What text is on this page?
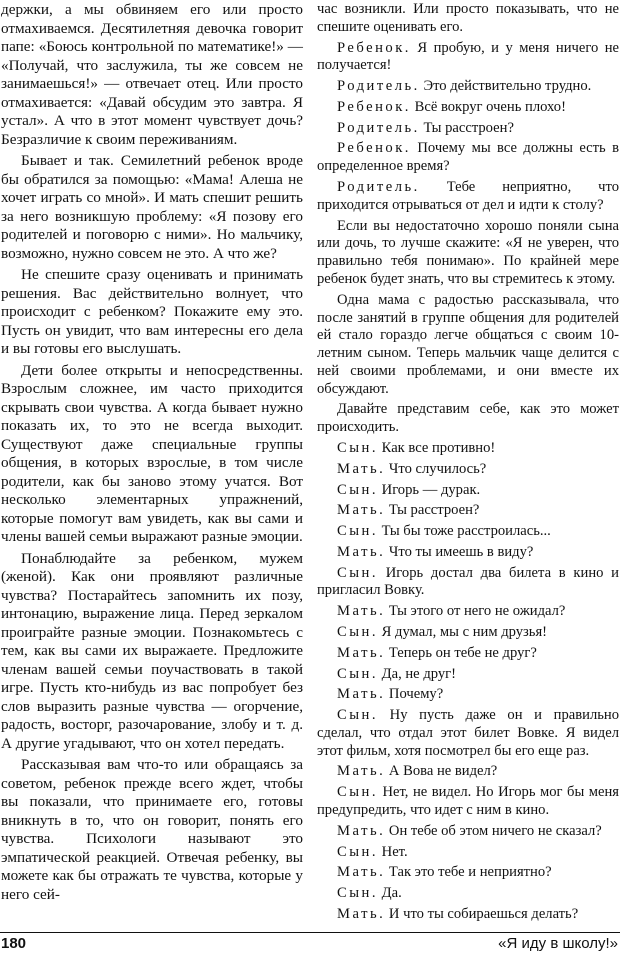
держки, а мы обвиняем его или просто отмахиваемся. Десятилетняя девочка говорит папе: «Боюсь контрольной по математике!» — «Получай, что заслужила, ты же совсем не занимаешься!» — отвечает отец. Или просто отмахивается: «Давай обсудим это завтра. Я устал». А что в этот момент чувствует дочь? Безразличие к своим переживаниям.

Бывает и так. Семилетний ребенок вроде бы обратился за помощью: «Мама! Алеша не хочет играть со мной». И мать спешит решить за него возникшую проблему: «Я позову его родителей и поговорю с ними». Но мальчику, возможно, нужно совсем не это. А что же?

Не спешите сразу оценивать и принимать решения. Вас действительно волнует, что происходит с ребенком? Покажите ему это. Пусть он увидит, что вам интересны его дела и вы готовы его выслушать.

Дети более открыты и непосредственны. Взрослым сложнее, им часто приходится скрывать свои чувства. А когда бывает нужно показать их, то это не всегда выходит. Существуют даже специальные группы общения, в которых взрослые, в том числе родители, как бы заново этому учатся. Вот несколько элементарных упражнений, которые помогут вам увидеть, как вы сами и члены вашей семьи выражают разные эмоции.

Понаблюдайте за ребенком, мужем (женой). Как они проявляют различные чувства? Постарайтесь запомнить их позу, интонацию, выражение лица. Перед зеркалом проиграйте разные эмоции. Познакомьтесь с тем, как вы сами их выражаете. Предложите членам вашей семьи поучаствовать в такой игре. Пусть кто-нибудь из вас попробует без слов выразить разные чувства — огорчение, радость, восторг, разочарование, злобу и т. д. А другие угадывают, что он хотел передать.

Рассказывая вам что-то или обращаясь за советом, ребенок прежде всего ждет, чтобы вы показали, что принимаете его, готовы вникнуть в то, что он говорит, понять его чувства. Психологи называют это эмпатической реакцией. Отвечая ребенку, вы можете как бы отражать те чувства, которые у него сей-

час возникли. Или просто показывать, что не спешите оценивать его.

Ребенок. Я пробую, и у меня ничего не получается!

Родитель. Это действительно трудно.

Ребенок. Всё вокруг очень плохо!

Родитель. Ты расстроен?

Ребенок. Почему мы все должны есть в определенное время?

Родитель. Тебе неприятно, что приходится отрываться от дел и идти к столу?

Если вы недостаточно хорошо поняли сына или дочь, то лучше скажите: «Я не уверен, что правильно тебя понимаю». По крайней мере ребенок будет знать, что вы стремитесь к этому.

Одна мама с радостью рассказывала, что после занятий в группе общения для родителей ей стало гораздо легче общаться с своим 10-летним сыном. Теперь мальчик чаще делится с ней своими проблемами, и они вместе их обсуждают.

Давайте представим себе, как это может происходить.

Сын. Как все противно!

Мать. Что случилось?

Сын. Игорь — дурак.

Мать. Ты расстроен?

Сын. Ты бы тоже расстроилась...

Мать. Что ты имеешь в виду?

Сын. Игорь достал два билета в кино и пригласил Вовку.

Мать. Ты этого от него не ожидал?

Сын. Я думал, мы с ним друзья!

Мать. Теперь он тебе не друг?

Сын. Да, не друг!

Мать. Почему?

Сын. Ну пусть даже он и правильно сделал, что отдал этот билет Вовке. Я видел этот фильм, хотя посмотрел бы его еще раз.

Мать. А Вова не видел?

Сын. Нет, не видел. Но Игорь мог бы меня предупредить, что идет с ним в кино.

Мать. Он тебе об этом ничего не сказал?

Сын. Нет.

Мать. Так это тебе и неприятно?

Сын. Да.

Мать. И что ты собираешься делать?

180	«Я иду в школу!»
